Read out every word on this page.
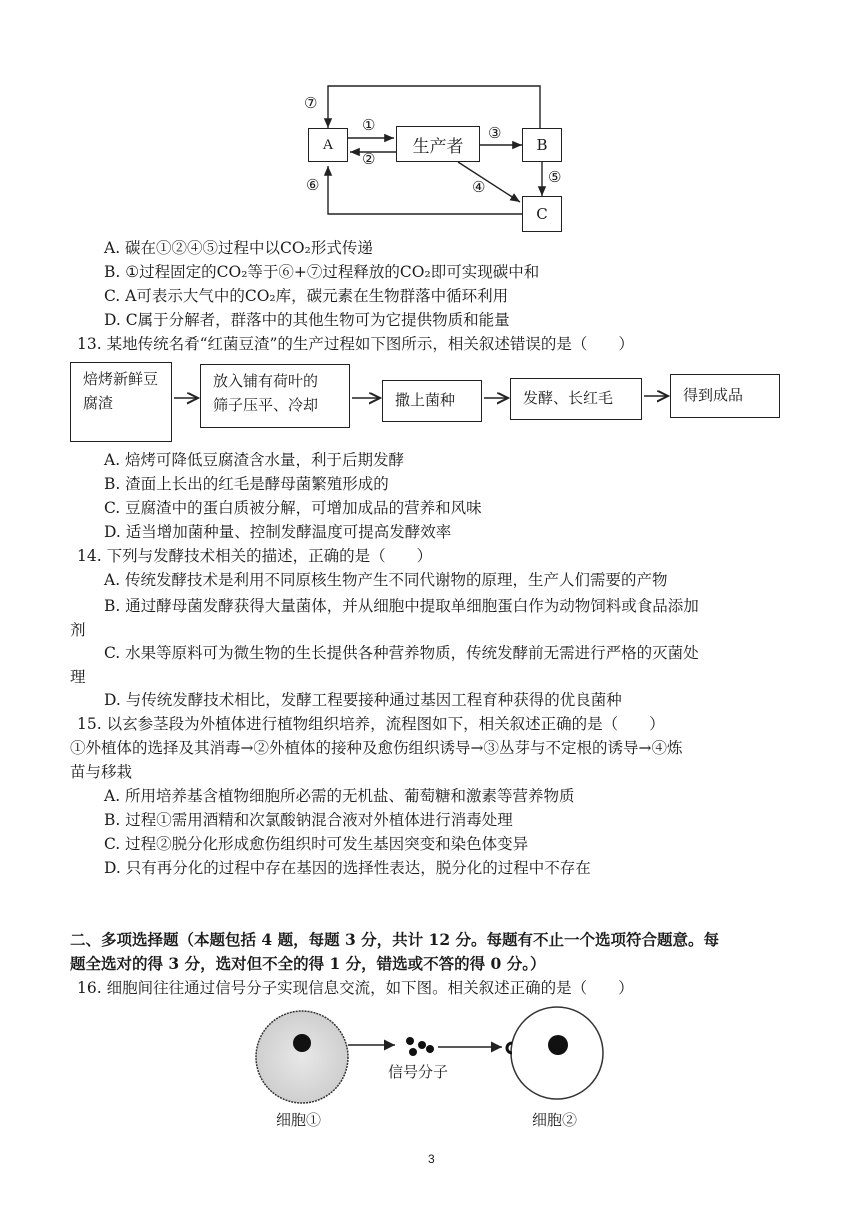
A	生产者	B
C
⑦
①
②
③
④
⑤
⑥
A. 碳在①②④⑤过程中以CO₂形式传递
B. ①过程固定的CO₂等于⑥+⑦过程释放的CO₂即可实现碳中和
C. A可表示大气中的CO₂库，碳元素在生物群落中循环利用
D. C属于分解者，群落中的其他生物可为它提供物质和能量
13. 某地传统名肴“红菌豆渣”的生产过程如下图所示，相关叙述错误的是（　　）
焙烤新鲜豆
腐渣
放入铺有荷叶的
筛子压平、冷却	撒上菌种	发酵、长红毛	得到成品
A. 焙烤可降低豆腐渣含水量，利于后期发酵
B. 渣面上长出的红毛是酵母菌繁殖形成的
C. 豆腐渣中的蛋白质被分解，可增加成品的营养和风味
D. 适当增加菌种量、控制发酵温度可提高发酵效率
14. 下列与发酵技术相关的描述，正确的是（　　）
A. 传统发酵技术是利用不同原核生物产生不同代谢物的原理，生产人们需要的产物
B. 通过酵母菌发酵获得大量菌体，并从细胞中提取单细胞蛋白作为动物饲料或食品添加
剂
C. 水果等原料可为微生物的生长提供各种营养物质，传统发酵前无需进行严格的灭菌处
理
D. 与传统发酵技术相比，发酵工程要接种通过基因工程育种获得的优良菌种
15. 以玄参茎段为外植体进行植物组织培养，流程图如下，相关叙述正确的是（　　）
①外植体的选择及其消毒→②外植体的接种及愈伤组织诱导→③丛芽与不定根的诱导→④炼
苗与移栽
A. 所用培养基含植物细胞所必需的无机盐、葡萄糖和激素等营养物质
B. 过程①需用酒精和次氯酸钠混合液对外植体进行消毒处理
C. 过程②脱分化形成愈伤组织时可发生基因突变和染色体变异
D. 只有再分化的过程中存在基因的选择性表达，脱分化的过程中不存在
二、多项选择题（本题包括 4 题，每题 3 分，共计 12 分。每题有不止一个选项符合题意。每
题全选对的得 3 分，选对但不全的得 1 分，错选或不答的得 0 分。）
16. 细胞间往往通过信号分子实现信息交流，如下图。相关叙述正确的是（　　）
信号分子
细胞①	细胞②
3
